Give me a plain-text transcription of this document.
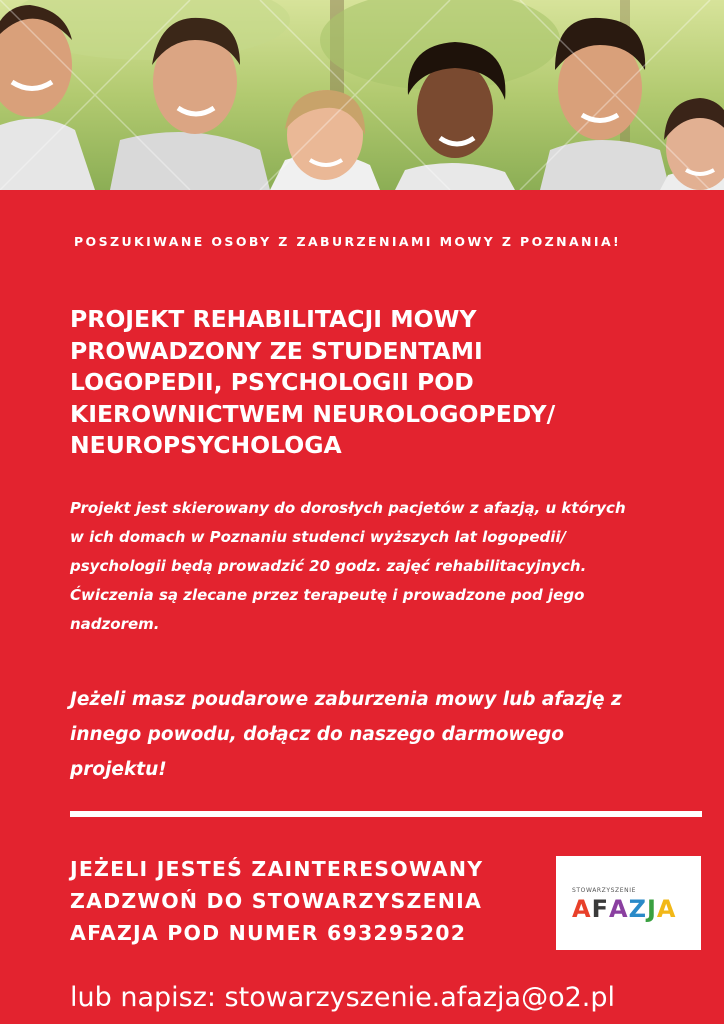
POSZUKIWANE OSOBY Z ZABURZENIAMI MOWY Z POZNANIA!
PROJEKT REHABILITACJI MOWY
PROWADZONY ZE STUDENTAMI
LOGOPEDII, PSYCHOLOGII POD
KIEROWNICTWEM NEUROLOGOPEDY/
NEUROPSYCHOLOGA
Projekt jest skierowany do dorosłych pacjetów z afazją, u których
w ich domach w Poznaniu studenci wyższych lat logopedii/
psychologii będą prowadzić 20 godz. zajęć rehabilitacyjnych.
Ćwiczenia są zlecane przez terapeutę i prowadzone pod jego
nadzorem.
Jeżeli masz poudarowe zaburzenia mowy lub afazję z
innego powodu, dołącz do naszego darmowego
projektu!
JEŻELI JESTEŚ ZAINTERESOWANY
ZADZWOŃ DO STOWARZYSZENIA
AFAZJA POD NUMER 693295202
STOWARZYSZENIE
AFAZJA
lub napisz: stowarzyszenie.afazja@o2.pl
